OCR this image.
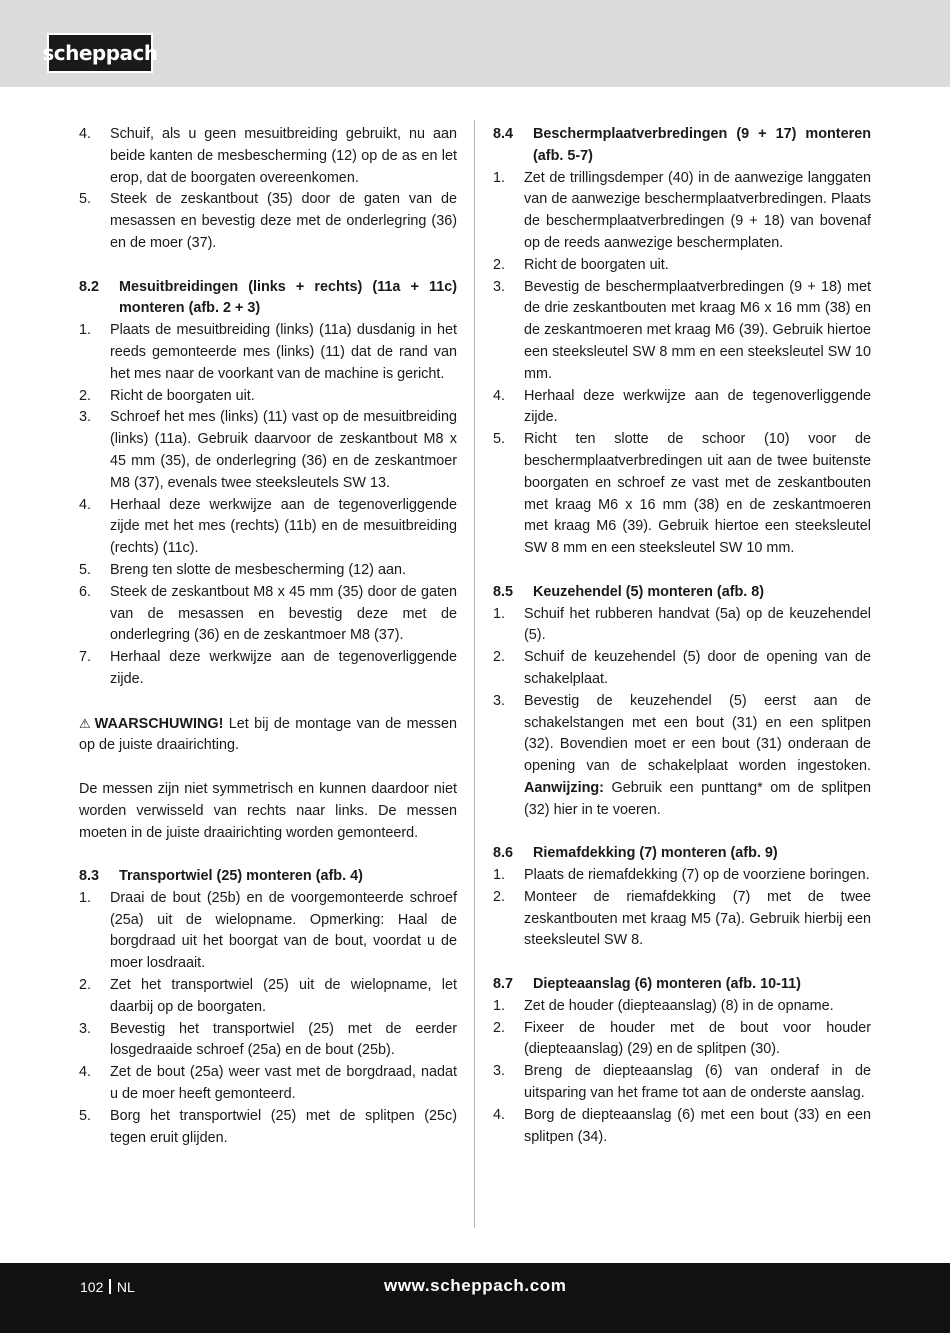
scheppach
4.	Schuif, als u geen mesuitbreiding gebruikt, nu aan beide kanten de mesbescherming (12) op de as en let erop, dat de boorgaten overeenkomen.
5.	Steek de zeskantbout (35) door de gaten van de mesassen en bevestig deze met de onderlegring (36) en de moer (37).
8.2	Mesuitbreidingen (links + rechts) (11a + 11c) monteren (afb. 2 + 3)
1.	Plaats de mesuitbreiding (links) (11a) dusdanig in het reeds gemonteerde mes (links) (11) dat de rand van het mes naar de voorkant van de machine is gericht.
2.	Richt de boorgaten uit.
3.	Schroef het mes (links) (11) vast op de mesuitbreiding (links) (11a). Gebruik daarvoor de zeskantbout M8 x 45 mm (35), de onderlegring (36) en de zeskantmoer M8 (37), evenals twee steeksleutels SW 13.
4.	Herhaal deze werkwijze aan de tegenoverliggende zijde met het mes (rechts) (11b) en de mesuitbreiding (rechts) (11c).
5.	Breng ten slotte de mesbescherming (12) aan.
6.	Steek de zeskantbout M8 x 45 mm (35) door de gaten van de mesassen en bevestig deze met de onderlegring (36) en de zeskantmoer M8 (37).
7.	Herhaal deze werkwijze aan de tegenoverliggende zijde.

⚠ WAARSCHUWING! Let bij de montage van de messen op de juiste draairichting.

De messen zijn niet symmetrisch en kunnen daardoor niet worden verwisseld van rechts naar links. De messen moeten in de juiste draairichting worden gemonteerd.

8.3	Transportwiel (25) monteren (afb. 4)
1.	Draai de bout (25b) en de voorgemonteerde schroef (25a) uit de wielopname. Opmerking: Haal de borgdraad uit het boorgat van de bout, voordat u de moer losdraait.
2.	Zet het transportwiel (25) uit de wielopname, let daarbij op de boorgaten.
3.	Bevestig het transportwiel (25) met de eerder losgedraaide schroef (25a) en de bout (25b).
4.	Zet de bout (25a) weer vast met de borgdraad, nadat u de moer heeft gemonteerd.
5.	Borg het transportwiel (25) met de splitpen (25c) tegen eruit glijden.
8.4	Beschermplaatverbredingen (9 + 17) monteren (afb. 5-7)
1.	Zet de trillingsdemper (40) in de aanwezige langgaten van de aanwezige beschermplaatverbredingen. Plaats de beschermplaatverbredingen (9 + 18) van bovenaf op de reeds aanwezige beschermplaten.
2.	Richt de boorgaten uit.
3.	Bevestig de beschermplaatverbredingen (9 + 18) met de drie zeskantbouten met kraag M6 x 16 mm (38) en de zeskantmoeren met kraag M6 (39). Gebruik hiertoe een steeksleutel SW 8 mm en een steeksleutel SW 10 mm.
4.	Herhaal deze werkwijze aan de tegenoverliggende zijde.
5.	Richt ten slotte de schoor (10) voor de beschermplaatverbredingen uit aan de twee buitenste boorgaten en schroef ze vast met de zeskantbouten met kraag M6 x 16 mm (38) en de zeskantmoeren met kraag M6 (39). Gebruik hiertoe een steeksleutel SW 8 mm en een steeksleutel SW 10 mm.
8.5	Keuzehendel (5) monteren (afb. 8)
1.	Schuif het rubberen handvat (5a) op de keuzehendel (5).
2.	Schuif de keuzehendel (5) door de opening van de schakelplaat.
3.	Bevestig de keuzehendel (5) eerst aan de schakelstangen met een bout (31) en een splitpen (32). Bovendien moet er een bout (31) onderaan de opening van de schakelplaat worden ingestoken. Aanwijzing: Gebruik een punttang* om de splitpen (32) hier in te voeren.
8.6	Riemafdekking (7) monteren (afb. 9)
1.	Plaats de riemafdekking (7) op de voorziene boringen.
2.	Monteer de riemafdekking (7) met de twee zeskantbouten met kraag M5 (7a). Gebruik hierbij een steeksleutel SW 8.
8.7	Diepteaanslag (6) monteren (afb. 10-11)
1.	Zet de houder (diepteaanslag) (8) in de opname.
2.	Fixeer de houder met de bout voor houder (diepteaanslag) (29) en de splitpen (30).
3.	Breng de diepteaanslag (6) van onderaf in de uitsparing van het frame tot aan de onderste aanslag.
4.	Borg de diepteaanslag (6) met een bout (33) en een splitpen (34).
102 NL	www.scheppach.com
